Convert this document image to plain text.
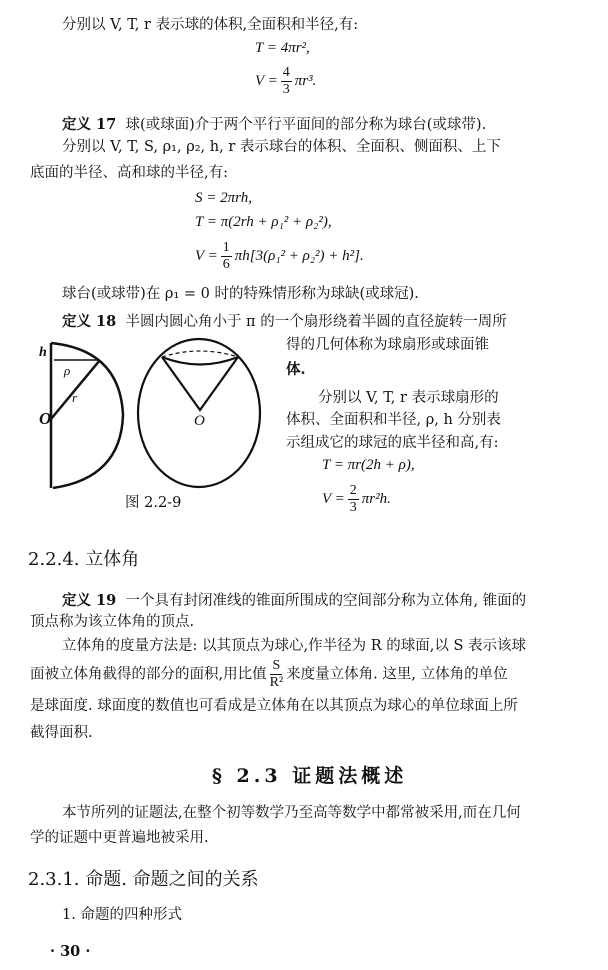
分别以 V, T, r 表示球的体积,全面积和半径,有:
T = 4πr²,
$V = \frac{4}{3} \pi r^3$.
定义 17 球(或球面)介于两个平行平面间的部分称为球台(或球带).
分别以 V, T, S, ρ₁, ρ₂, h, r 表示球台的体积、全面积、侧面积、上下
底面的半径、高和球的半径,有:
S = 2πrh,
T = π(2rh + ρ₁² + ρ₂²),
$V = \frac{1}{6} \pi h[3(\rho_1^2 + \rho_2^2) + h^2]$.
球台(或球带)在 ρ₁ = 0 时的特殊情形称为球缺(或球冠).
定义 18 半圆内圆心角小于 π 的一个扇形绕着半圆的直径旋转一周所
得的几何体称为球扇形或球面锥
体.
分别以 V, T, r 表示球扇形的
体积、全面积和半径, ρ, h 分别表
示组成它的球冠的底半径和高,有:
T = πr(2h + ρ),
$V = \frac{2}{3} \pi r^2h$.
h
ρ
r
O	O
图 2.2-9
2.2.4. 立体角
定义 19 一个具有封闭准线的锥面所围成的空间部分称为立体角, 锥面的
顶点称为该立体角的顶点.
立体角的度量方法是: 以其顶点为球心,作半径为 R 的球面,以 S 表示该球
面被立体角截得的部分的面积,用比值 $\frac{S}{\text{R²}}$ 来度量立体角. 这里, 立体角的单位
是球面度. 球面度的数值也可看成是立体角在以其顶点为球心的单位球面上所
截得面积.
§ 2.3 证题法概述
本节所列的证题法,在整个初等数学乃至高等数学中都常被采用,而在几何
学的证题中更普遍地被采用.
2.3.1. 命题. 命题之间的关系
1. 命题的四种形式
· 30 ·
